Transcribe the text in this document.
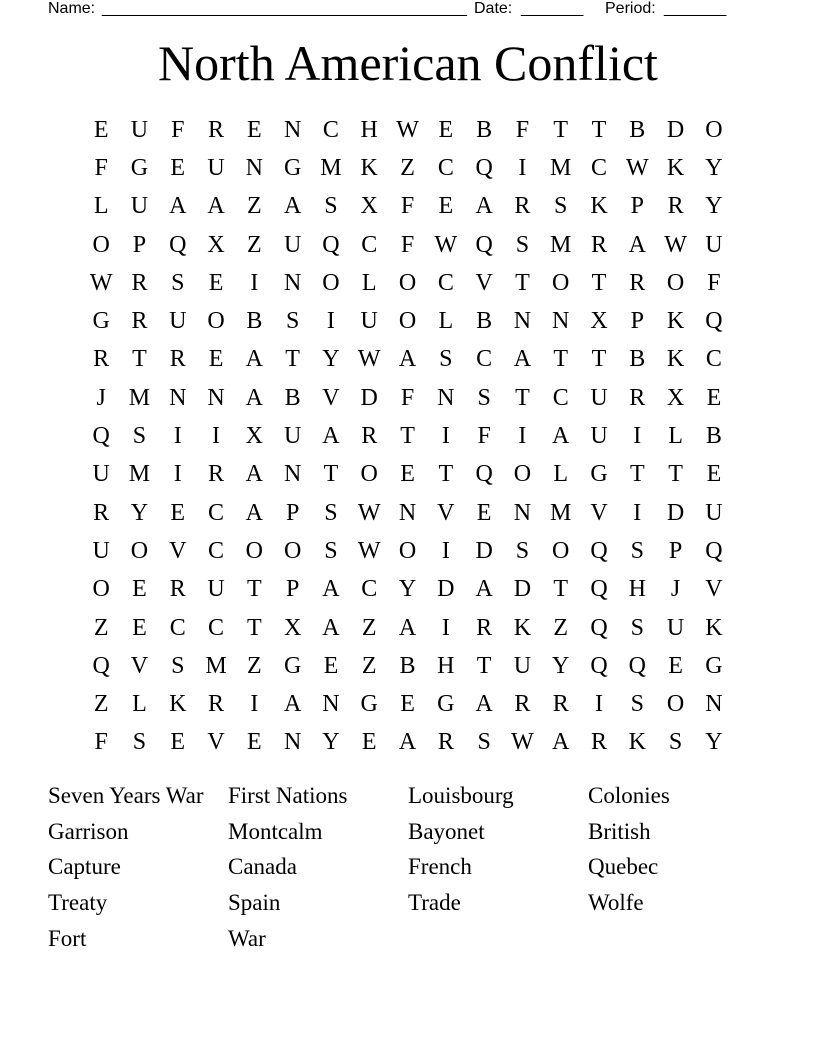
Name:

_________________________________________

Date:

_______

Period:

_______

North American Conflict
E U F R E N C H W E B F	T T B D O
F G E U N G M K Z C Q	I M C W K Y
L U A A Z A S X F	E A R S K P R Y
O P Q X Z U Q C F W Q S M R A W U
W R S	E	I	N O L O C V T O T R O F
G R U O B S	I	U O L B N N X P K Q
R T R E A T Y W A S C A T T B K C
J M N N A B V D F N S	T C U R X E
Q S	I	I	X U A R T	I	F	I	A U	I	L B
U M I	R A N T O E T Q O L G T T E
R Y E C A P	S W N V E N M V	I	D U
U O V C O O S W O	I	D S O Q S	P Q
O E R U T	P A C Y D A D T Q H	J	V
Z E C C T X A Z A	I	R K Z Q S U K
Q V S M Z G E Z B H T U Y Q Q E G
Z L K R	I	A N G E G A R R	I	S O N
F	S	E V E N Y E A R S W A R K S Y
Seven Years War	First Nations	Louisbourg	Colonies
Garrison	Montcalm	Bayonet	British
Capture	Canada	French	Quebec
Treaty	Spain	Trade	Wolfe
Fort	War
